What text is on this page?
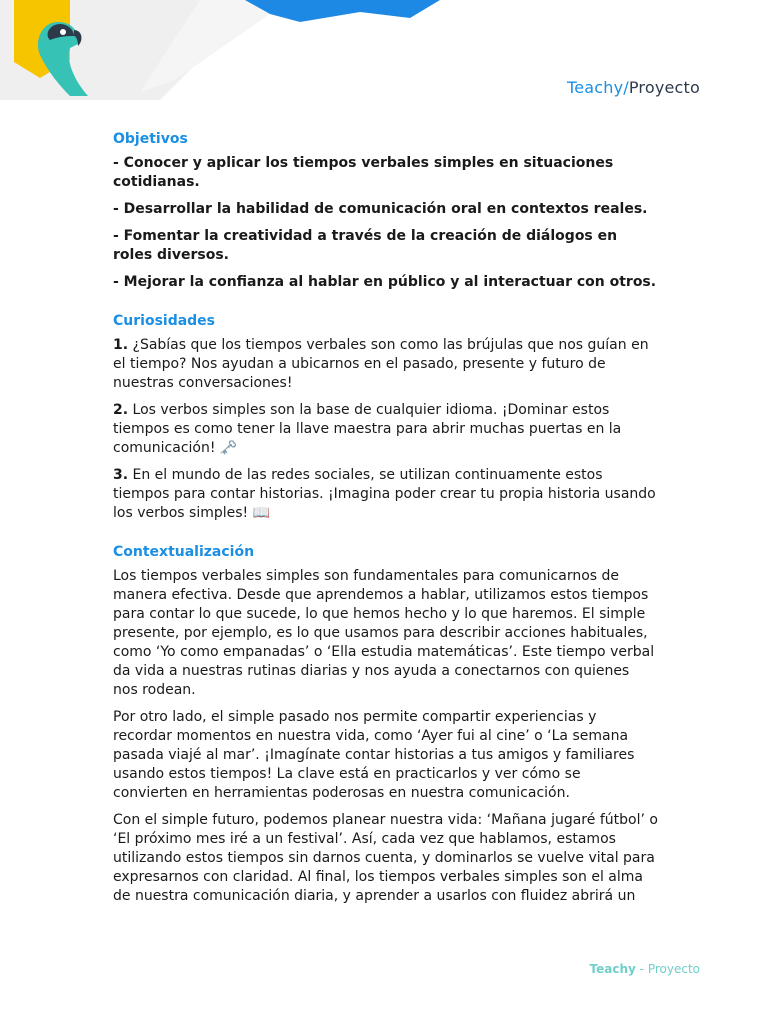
Teachy/Proyecto
Objetivos
- Conocer y aplicar los tiempos verbales simples en situaciones cotidianas.
- Desarrollar la habilidad de comunicación oral en contextos reales.
- Fomentar la creatividad a través de la creación de diálogos en roles diversos.
- Mejorar la confianza al hablar en público y al interactuar con otros.
Curiosidades
1. ¿Sabías que los tiempos verbales son como las brújulas que nos guían en el tiempo? Nos ayudan a ubicarnos en el pasado, presente y futuro de nuestras conversaciones!
2. Los verbos simples son la base de cualquier idioma. ¡Dominar estos tiempos es como tener la llave maestra para abrir muchas puertas en la comunicación! 🗝️
3. En el mundo de las redes sociales, se utilizan continuamente estos tiempos para contar historias. ¡Imagina poder crear tu propia historia usando los verbos simples! 📖
Contextualización
Los tiempos verbales simples son fundamentales para comunicarnos de manera efectiva. Desde que aprendemos a hablar, utilizamos estos tiempos para contar lo que sucede, lo que hemos hecho y lo que haremos. El simple presente, por ejemplo, es lo que usamos para describir acciones habituales, como ‘Yo como empanadas’ o ‘Ella estudia matemáticas’. Este tiempo verbal da vida a nuestras rutinas diarias y nos ayuda a conectarnos con quienes nos rodean.
Por otro lado, el simple pasado nos permite compartir experiencias y recordar momentos en nuestra vida, como ‘Ayer fui al cine’ o ‘La semana pasada viajé al mar’. ¡Imagínate contar historias a tus amigos y familiares usando estos tiempos! La clave está en practicarlos y ver cómo se convierten en herramientas poderosas en nuestra comunicación.
Con el simple futuro, podemos planear nuestra vida: ‘Mañana jugaré fútbol’ o ‘El próximo mes iré a un festival’. Así, cada vez que hablamos, estamos utilizando estos tiempos sin darnos cuenta, y dominarlos se vuelve vital para expresarnos con claridad. Al final, los tiempos verbales simples son el alma de nuestra comunicación diaria, y aprender a usarlos con fluidez abrirá un
Teachy - Proyecto
